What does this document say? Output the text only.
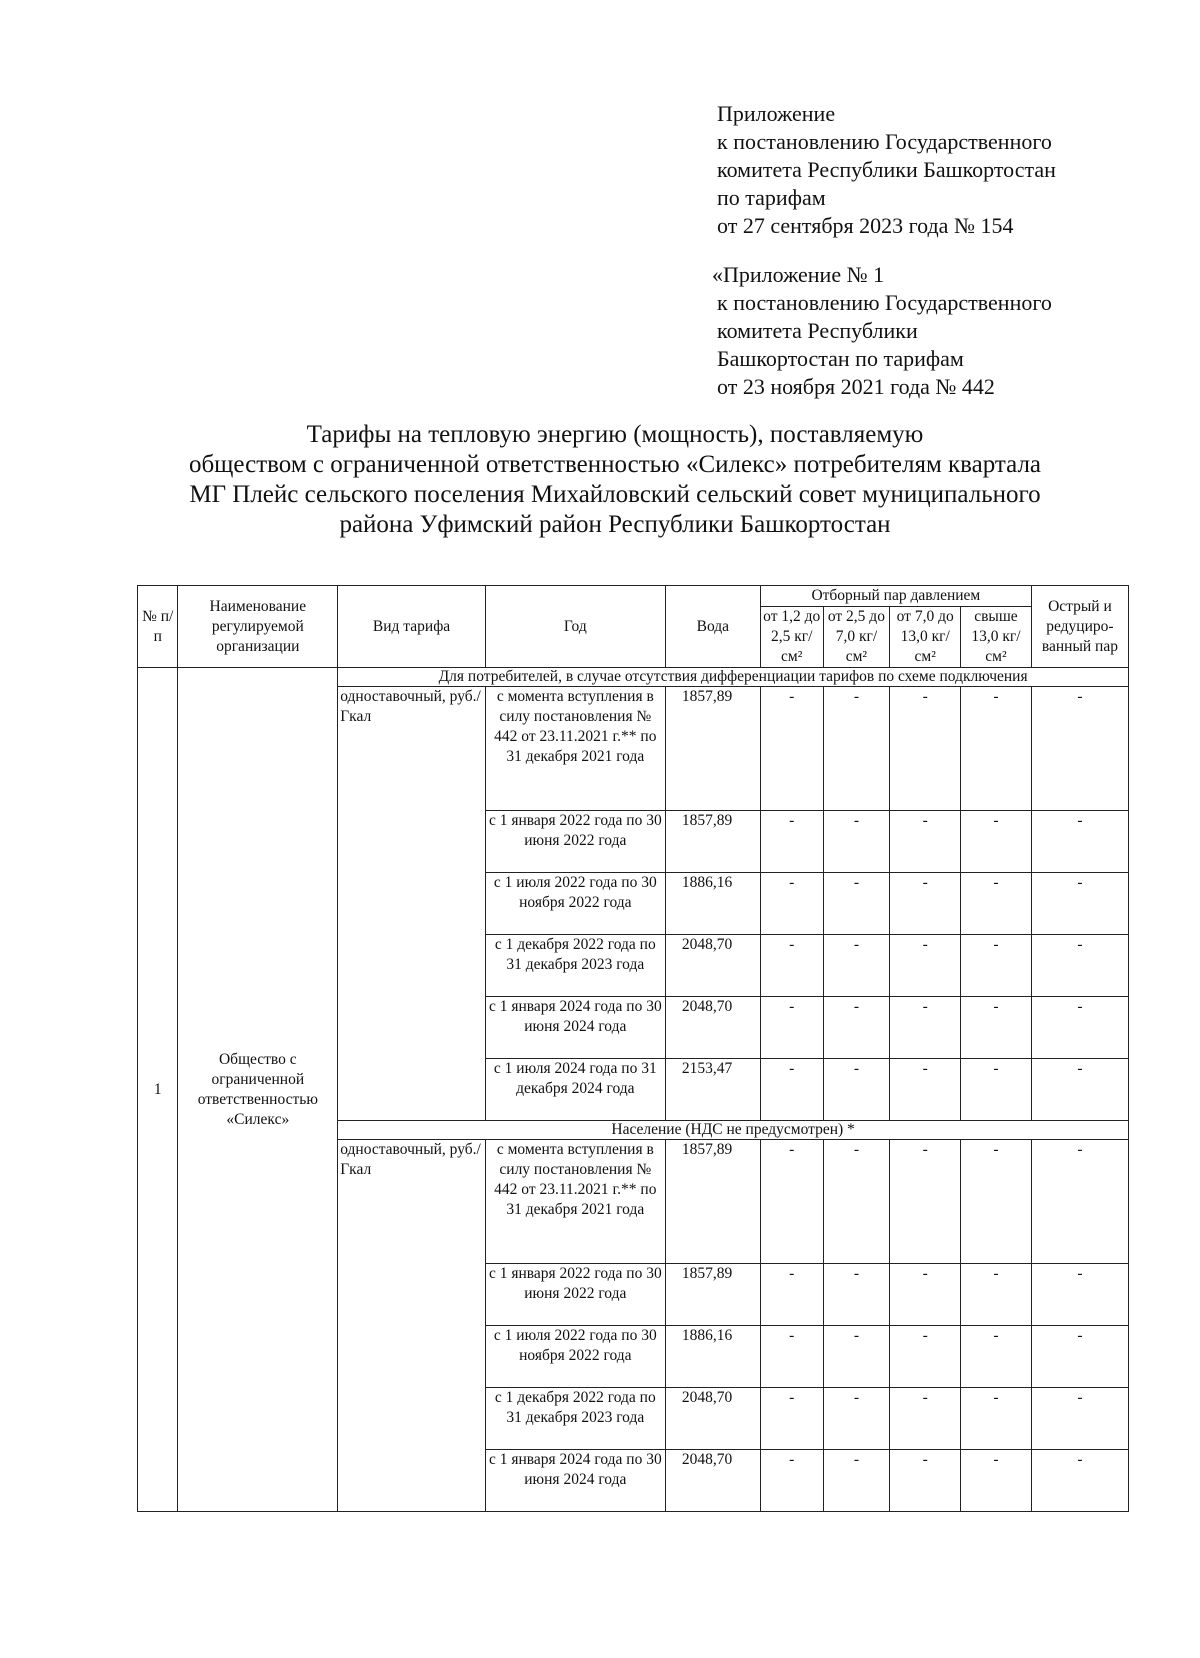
Приложение
к постановлению Государственного
комитета Республики Башкортостан
по тарифам
от 27 сентября 2023 года № 154
«Приложение № 1
к постановлению Государственного
комитета Республики
Башкортостан по тарифам
от 23 ноября 2021 года № 442
Тарифы на тепловую энергию (мощность), поставляемую
обществом с ограниченной ответственностью «Силекс» потребителям квартала
МГ Плейс сельского поселения Михайловский сельский совет муниципального
района Уфимский район Республики Башкортостан
№ п/п	Наименование регулируемой организации	Вид тарифа	Год	Вода	Отборный пар давлением				Острый и редуциро-ванный пар
					от 1,2 до 2,5 кг/см²	от 2,5 до 7,0 кг/см²	от 7,0 до 13,0 кг/см²	свыше 13,0 кг/см²	
1	Общество с ограниченной ответственностью «Силекс»	Для потребителей, в случае отсутствия дифференциации тарифов по схеме подключения							
		одноставочный, руб./Гкал	с момента вступления в силу постановления № 442 от 23.11.2021 г.** по 31 декабря 2021 года	1857,89	-	-	-	-	-
			с 1 января 2022 года по 30 июня 2022 года	1857,89	-	-	-	-	-
			с 1 июля 2022 года по 30 ноября 2022 года	1886,16	-	-	-	-	-
			с 1 декабря 2022 года по 31 декабря 2023 года	2048,70	-	-	-	-	-
			с 1 января 2024 года по 30 июня 2024 года	2048,70	-	-	-	-	-
			с 1 июля 2024 года по 31 декабря 2024 года	2153,47	-	-	-	-	-
		Население (НДС не предусмотрен) *							
		одноставочный, руб./Гкал	с момента вступления в силу постановления № 442 от 23.11.2021 г.** по 31 декабря 2021 года	1857,89	-	-	-	-	-
			с 1 января 2022 года по 30 июня 2022 года	1857,89	-	-	-	-	-
			с 1 июля 2022 года по 30 ноября 2022 года	1886,16	-	-	-	-	-
			с 1 декабря 2022 года по 31 декабря 2023 года	2048,70	-	-	-	-	-
			с 1 января 2024 года по 30 июня 2024 года	2048,70	-	-	-	-	-
